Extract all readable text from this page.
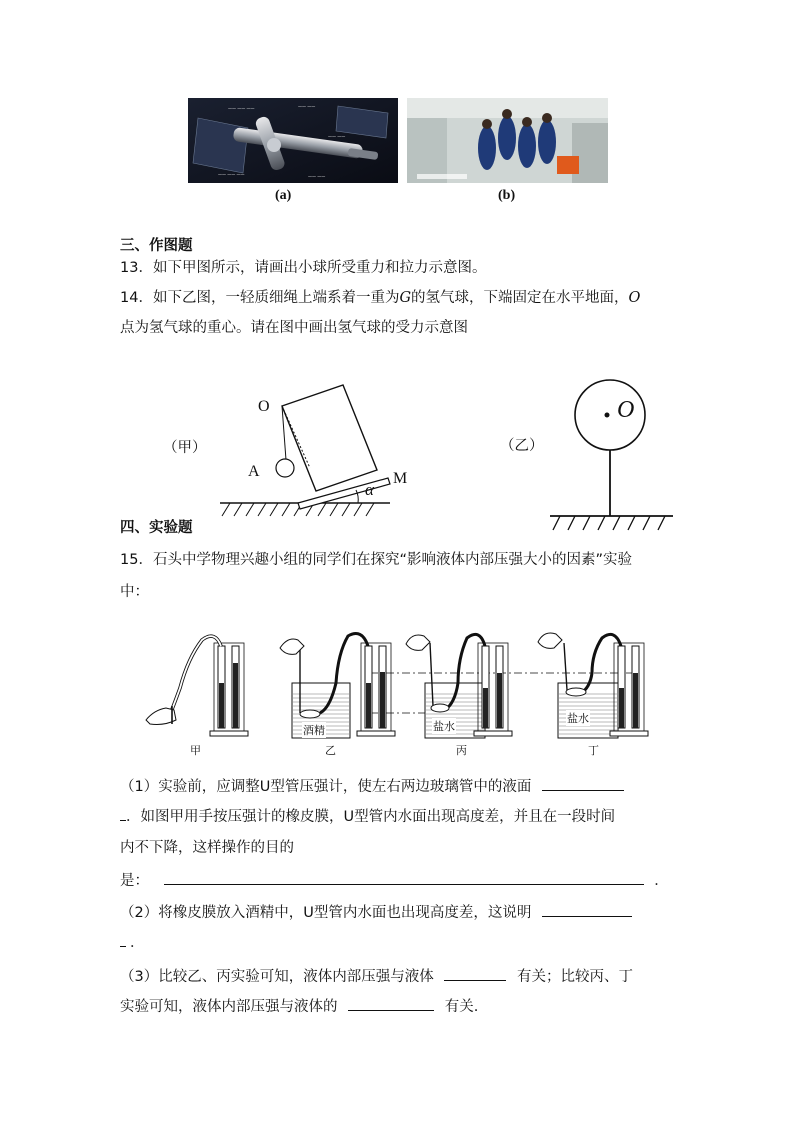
—— —— ——	—— ——
—— ——
—— —— ——	—— ——
(a)	(b)
三、作图题
13．如下甲图所示，请画出小球所受重力和拉力示意图。
14．如下乙图，一轻质细绳上端系着一重为G的氢气球，下端固定在水平地面，O
点为氢气球的重心。请在图中画出氢气球的受力示意图
O
A	M
α
（甲）	（乙）
O
四、实验题
15．石头中学物理兴趣小组的同学们在探究“影响液体内部压强大小的因素”实验
中：
酒精	盐水
盐水
甲	乙	丙	丁
（1）实验前，应调整U型管压强计，使左右两边玻璃管中的液面
．如图甲用手按压强计的橡皮膜，U型管内水面出现高度差，并且在一段时间
内不下降，这样操作的目的
是：	．
（2）将橡皮膜放入酒精中，U型管内水面也出现高度差，这说明
．
（3）比较乙、丙实验可知，液体内部压强与液体	有关；比较丙、丁
实验可知，液体内部压强与液体的	有关.
